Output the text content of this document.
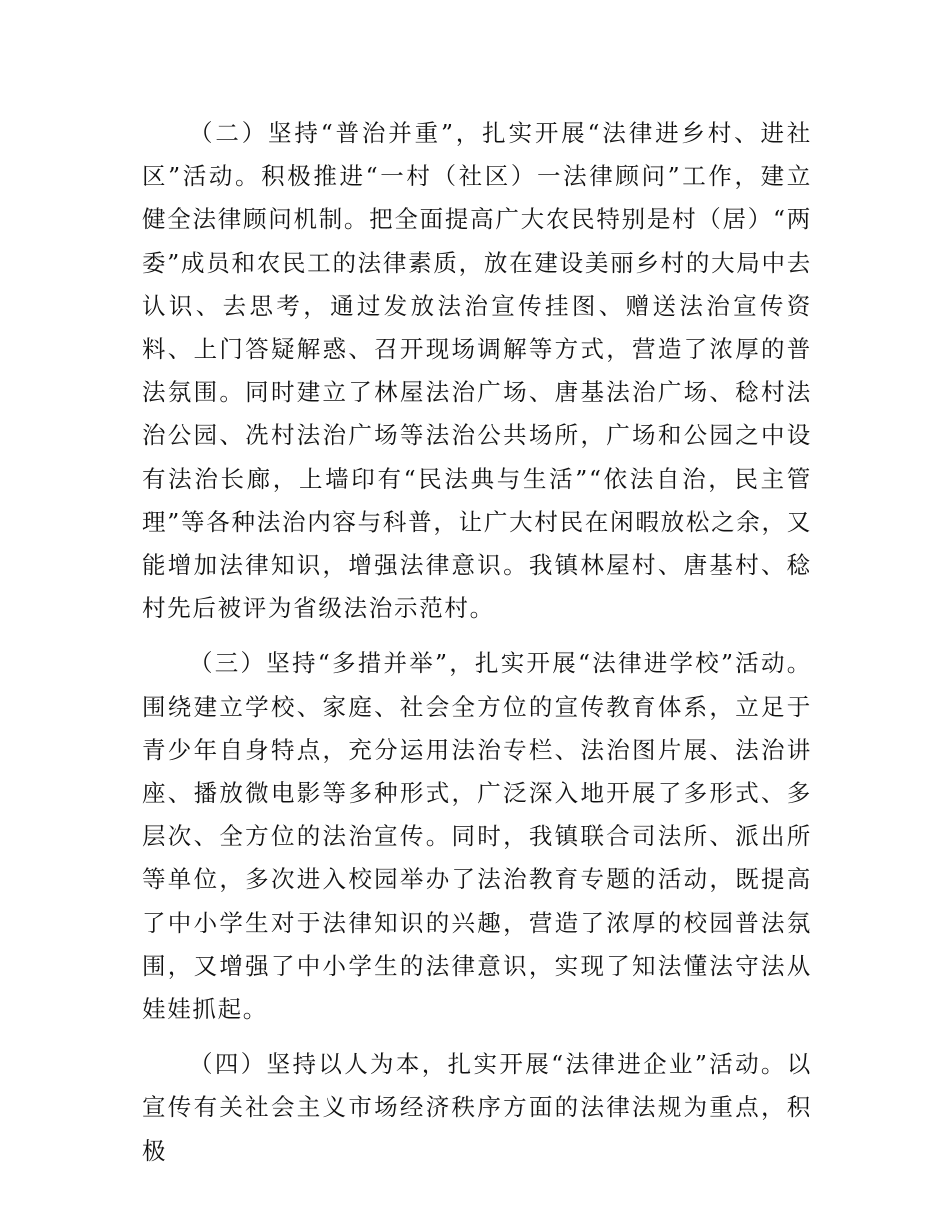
（二）坚持“普治并重”，扎实开展“法律进乡村、进社区”活动。积极推进“一村（社区）一法律顾问”工作，建立健全法律顾问机制。把全面提高广大农民特别是村（居）“两委”成员和农民工的法律素质，放在建设美丽乡村的大局中去认识、去思考，通过发放法治宣传挂图、赠送法治宣传资料、上门答疑解惑、召开现场调解等方式，营造了浓厚的普法氛围。同时建立了林屋法治广场、唐基法治广场、稔村法治公园、冼村法治广场等法治公共场所，广场和公园之中设有法治长廊，上墙印有“民法典与生活”“依法自治，民主管理”等各种法治内容与科普，让广大村民在闲暇放松之余，又能增加法律知识，增强法律意识。我镇林屋村、唐基村、稔村先后被评为省级法治示范村。

（三）坚持“多措并举”，扎实开展“法律进学校”活动。围绕建立学校、家庭、社会全方位的宣传教育体系，立足于青少年自身特点，充分运用法治专栏、法治图片展、法治讲座、播放微电影等多种形式，广泛深入地开展了多形式、多层次、全方位的法治宣传。同时，我镇联合司法所、派出所等单位，多次进入校园举办了法治教育专题的活动，既提高了中小学生对于法律知识的兴趣，营造了浓厚的校园普法氛围，又增强了中小学生的法律意识，实现了知法懂法守法从娃娃抓起。

（四）坚持以人为本，扎实开展“法律进企业”活动。以宣传有关社会主义市场经济秩序方面的法律法规为重点，积极
